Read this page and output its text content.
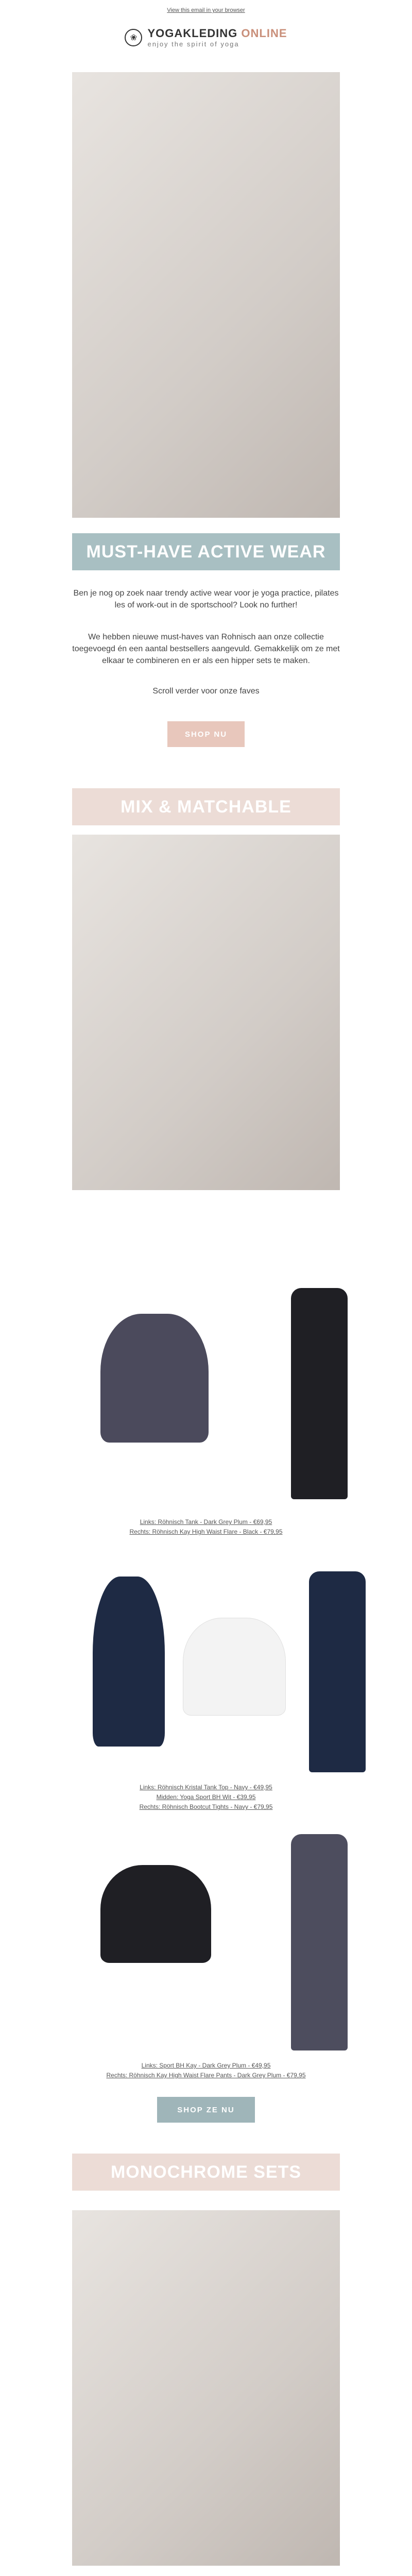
View this email in your browser
❀ YOGAKLEDING ONLINE
enjoy the spirit of yoga
MUST-HAVE ACTIVE WEAR

Ben je nog op zoek naar trendy active wear voor je yoga practice, pilates les of work-out in de sportschool? Look no further!

We hebben nieuwe must-haves van Rohnisch aan onze collectie toegevoegd én een aantal bestsellers aangevuld. Gemakkelijk om ze met elkaar te combineren en er als een hipper sets te maken.

Scroll verder voor onze faves

SHOP NU
MIX & MATCHABLE
Links: Röhnisch Tank - Dark Grey Plum - €69,95
Rechts: Röhnisch Kay High Waist Flare - Black - €79,95
Links: Röhnisch Kristal Tank Top - Navy - €49,95
Midden: Yoga Sport BH Wit - €39,95
Rechts: Röhnisch Bootcut Tights - Navy - €79,95
Links: Sport BH Kay - Dark Grey Plum - €49,95
Rechts: Röhnisch Kay High Waist Flare Pants - Dark Grey Plum - €79,95
SHOP ZE NU
MONOCHROME SETS
